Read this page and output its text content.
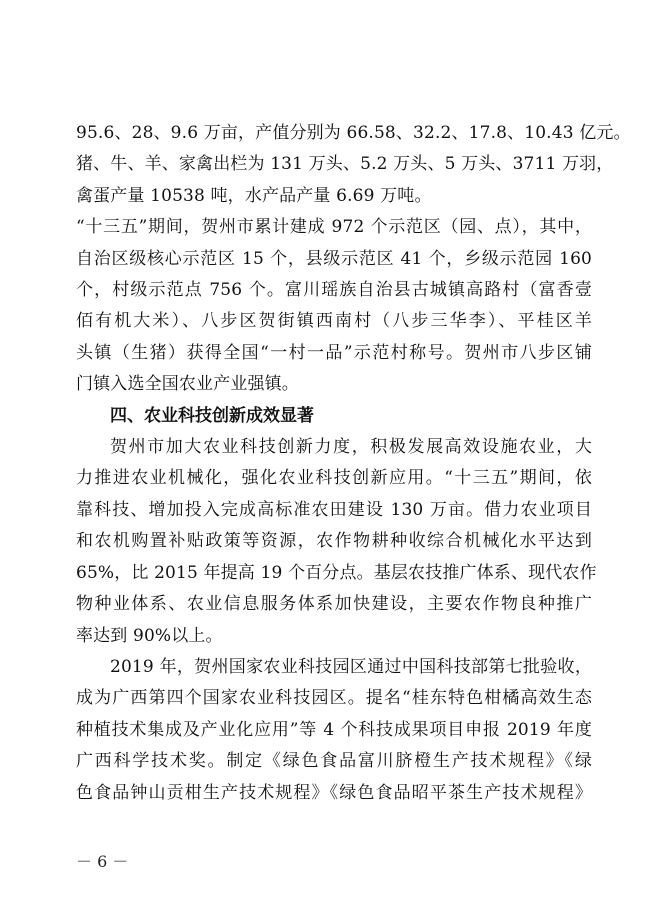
95.6、28、9.6 万亩，产值分别为 66.58、32.2、17.8、10.43 亿元。

猪、牛、羊、家禽出栏为 131 万头、5.2 万头、5 万头、3711 万羽，

禽蛋产量 10538 吨，水产品产量 6.69 万吨。

“十三五”期间，贺州市累计建成 972 个示范区（园、点），其中，

自治区级核心示范区 15 个，县级示范区 41 个，乡级示范园 160

个，村级示范点 756 个。富川瑶族自治县古城镇高路村（富香壹

佰有机大米）、八步区贺街镇西南村（八步三华李）、平桂区羊

头镇（生猪）获得全国“一村一品”示范村称号。贺州市八步区铺

门镇入选全国农业产业强镇。

四、农业科技创新成效显著

贺州市加大农业科技创新力度，积极发展高效设施农业，大

力推进农业机械化，强化农业科技创新应用。“十三五”期间，依

靠科技、增加投入完成高标准农田建设 130 万亩。借力农业项目

和农机购置补贴政策等资源，农作物耕种收综合机械化水平达到

65%，比 2015 年提高 19 个百分点。基层农技推广体系、现代农作

物种业体系、农业信息服务体系加快建设，主要农作物良种推广

率达到 90%以上。

2019 年，贺州国家农业科技园区通过中国科技部第七批验收，

成为广西第四个国家农业科技园区。提名“桂东特色柑橘高效生态

种植技术集成及产业化应用”等 4 个科技成果项目申报 2019 年度

广西科学技术奖。制定《绿色食品富川脐橙生产技术规程》《绿

色食品钟山贡柑生产技术规程》《绿色食品昭平茶生产技术规程》

－ 6 －
